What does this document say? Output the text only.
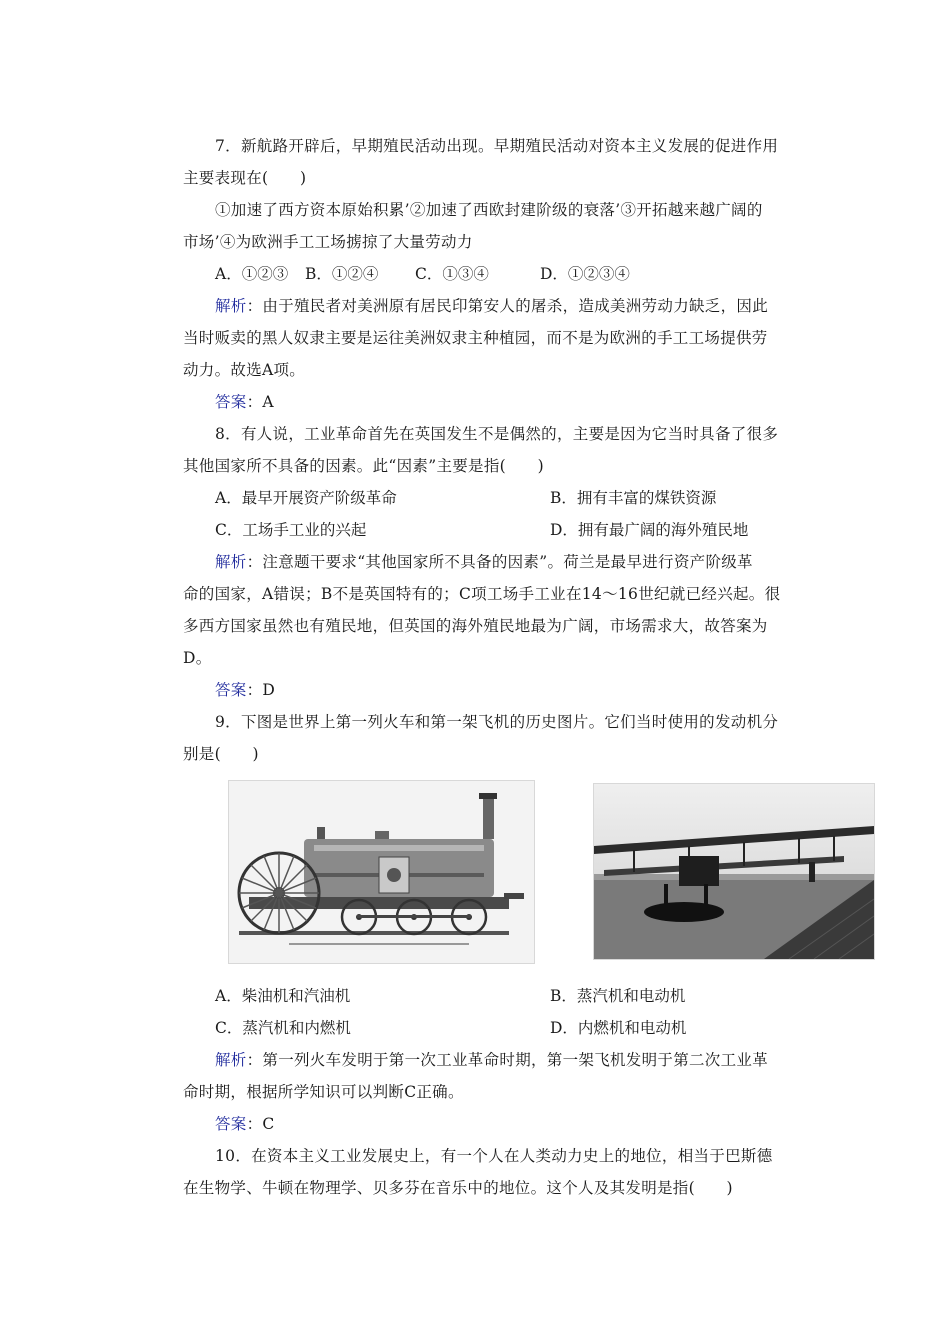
7．新航路开辟后，早期殖民活动出现。早期殖民活动对资本主义发展的促进作用
主要表现在(　　)
①加速了西方资本原始积累’②加速了西欧封建阶级的衰落’③开拓越来越广阔的
市场’④为欧洲手工工场掳掠了大量劳动力
A．①②③ B．①②④ C．①③④	D．①②③④
解析：由于殖民者对美洲原有居民印第安人的屠杀，造成美洲劳动力缺乏，因此
当时贩卖的黑人奴隶主要是运往美洲奴隶主种植园，而不是为欧洲的手工工场提供劳
动力。故选A项。
答案：A
8．有人说，工业革命首先在英国发生不是偶然的，主要是因为它当时具备了很多
其他国家所不具备的因素。此“因素”主要是指(　　)
A．最早开展资产阶级革命	B．拥有丰富的煤铁资源
C．工场手工业的兴起	D．拥有最广阔的海外殖民地
解析：注意题干要求“其他国家所不具备的因素”。荷兰是最早进行资产阶级革
命的国家，A错误；B不是英国特有的；C项工场手工业在14～16世纪就已经兴起。很
多西方国家虽然也有殖民地，但英国的海外殖民地最为广阔，市场需求大，故答案为
D。
答案：D
9．下图是世界上第一列火车和第一架飞机的历史图片。它们当时使用的发动机分
别是(　　)
A．柴油机和汽油机	B．蒸汽机和电动机
C．蒸汽机和内燃机	D．内燃机和电动机
解析：第一列火车发明于第一次工业革命时期，第一架飞机发明于第二次工业革
命时期，根据所学知识可以判断C正确。
答案：C
10．在资本主义工业发展史上，有一个人在人类动力史上的地位，相当于巴斯德
在生物学、牛顿在物理学、贝多芬在音乐中的地位。这个人及其发明是指(　　)
